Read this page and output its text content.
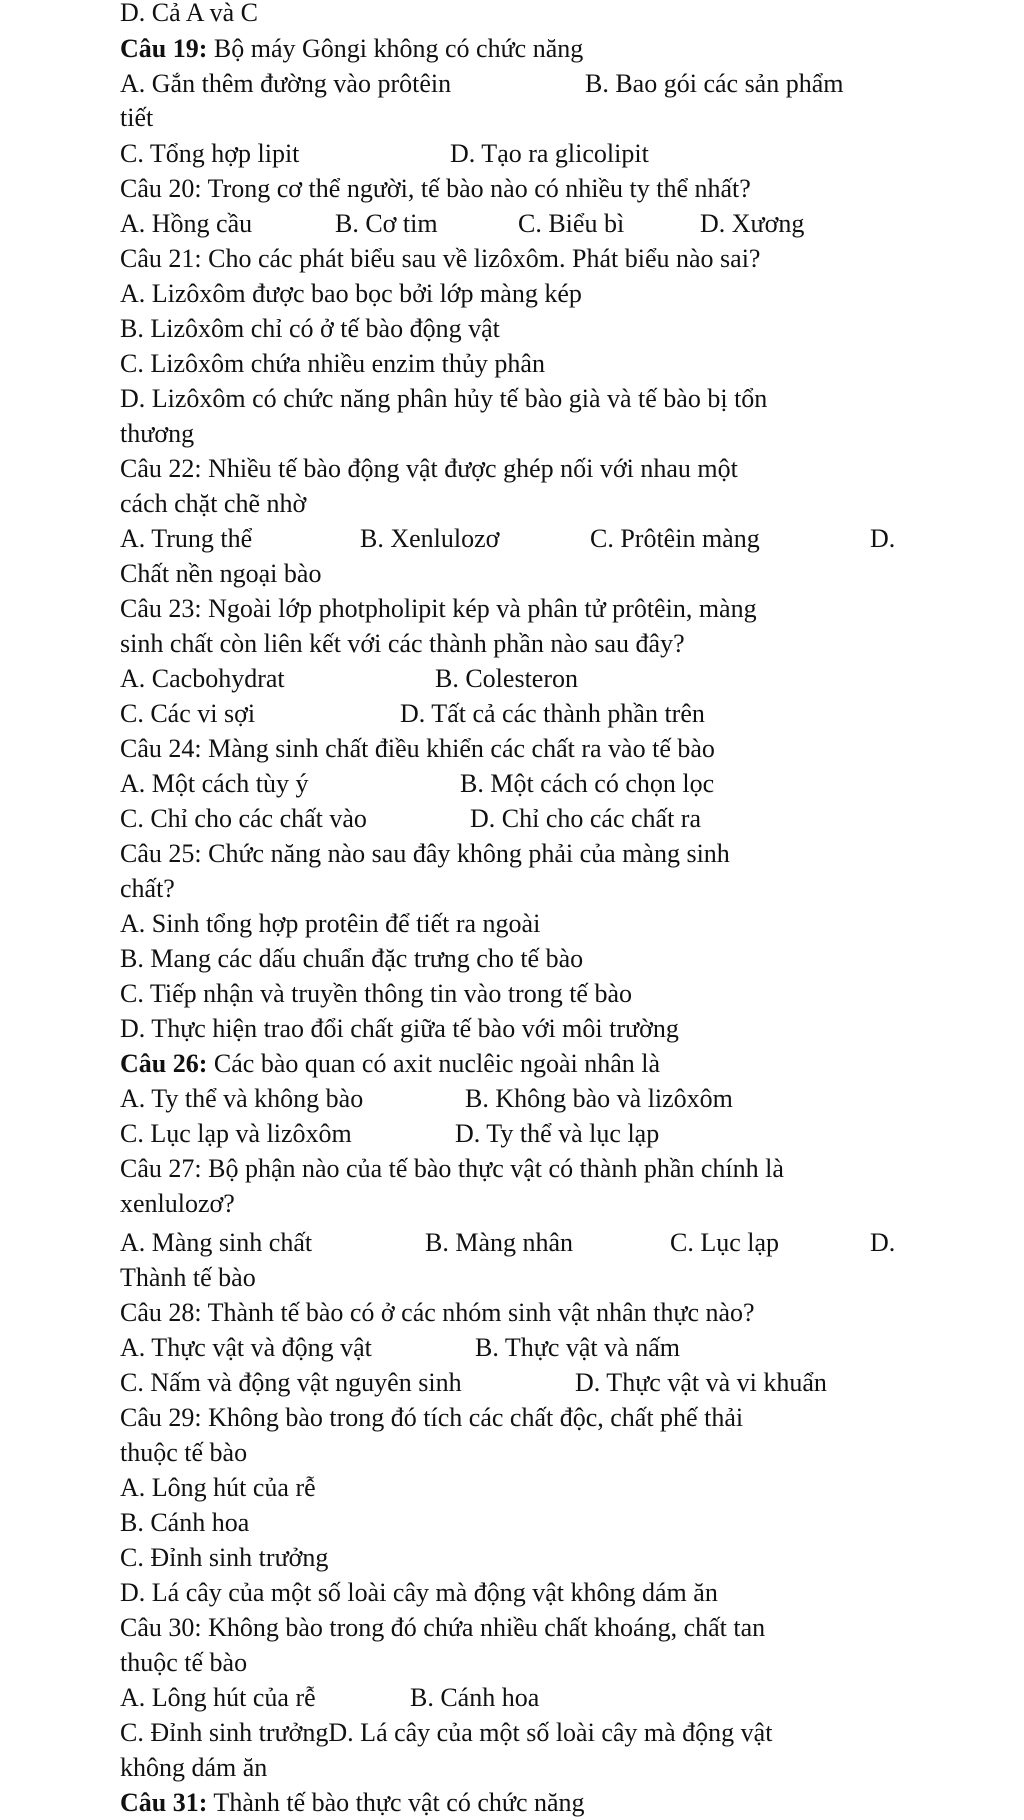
D. Cả A và C
Câu 19: Bộ máy Gôngi không có chức năng
A. Gắn thêm đường vào prôtêin	B. Bao gói các sản phẩm
tiết
C. Tổng hợp lipit	D. Tạo ra glicolipit
Câu 20: Trong cơ thể người, tế bào nào có nhiều ty thể nhất?
A. Hồng cầu	B. Cơ tim	C. Biểu bì	D. Xương
Câu 21: Cho các phát biểu sau về lizôxôm. Phát biểu nào sai?
A. Lizôxôm được bao bọc bởi lớp màng kép
B. Lizôxôm chỉ có ở tế bào động vật
C. Lizôxôm chứa nhiều enzim thủy phân
D. Lizôxôm có chức năng phân hủy tế bào già và tế bào bị tổn
thương
Câu 22: Nhiều tế bào động vật được ghép nối với nhau một
cách chặt chẽ nhờ
A. Trung thể	B. Xenlulozơ	C. Prôtêin màng	D.
Chất nền ngoại bào
Câu 23: Ngoài lớp photpholipit kép và phân tử prôtêin, màng
sinh chất còn liên kết với các thành phần nào sau đây?
A. Cacbohydrat	B. Colesteron
C. Các vi sợi	D. Tất cả các thành phần trên
Câu 24: Màng sinh chất điều khiển các chất ra vào tế bào
A. Một cách tùy ý	B. Một cách có chọn lọc
C. Chỉ cho các chất vào	D. Chỉ cho các chất ra
Câu 25: Chức năng nào sau đây không phải của màng sinh
chất?
A. Sinh tổng hợp protêin để tiết ra ngoài
B. Mang các dấu chuẩn đặc trưng cho tế bào
C. Tiếp nhận và truyền thông tin vào trong tế bào
D. Thực hiện trao đổi chất giữa tế bào với môi trường
Câu 26: Các bào quan có axit nuclêic ngoài nhân là
A. Ty thể và không bào	B. Không bào và lizôxôm
C. Lục lạp và lizôxôm	D. Ty thể và lục lạp
Câu 27: Bộ phận nào của tế bào thực vật có thành phần chính là
xenlulozơ?
A. Màng sinh chất	B. Màng nhân	C. Lục lạp	D.
Thành tế bào
Câu 28: Thành tế bào có ở các nhóm sinh vật nhân thực nào?
A. Thực vật và động vật	B. Thực vật và nấm
C. Nấm và động vật nguyên sinh	D. Thực vật và vi khuẩn
Câu 29: Không bào trong đó tích các chất độc, chất phế thải
thuộc tế bào
A. Lông hút của rễ
B. Cánh hoa
C. Đỉnh sinh trưởng
D. Lá cây của một số loài cây mà động vật không dám ăn
Câu 30: Không bào trong đó chứa nhiều chất khoáng, chất tan
thuộc tế bào
A. Lông hút của rễ	B. Cánh hoa
C. Đỉnh sinh trưởngD. Lá cây của một số loài cây mà động vật
không dám ăn
Câu 31: Thành tế bào thực vật có chức năng
